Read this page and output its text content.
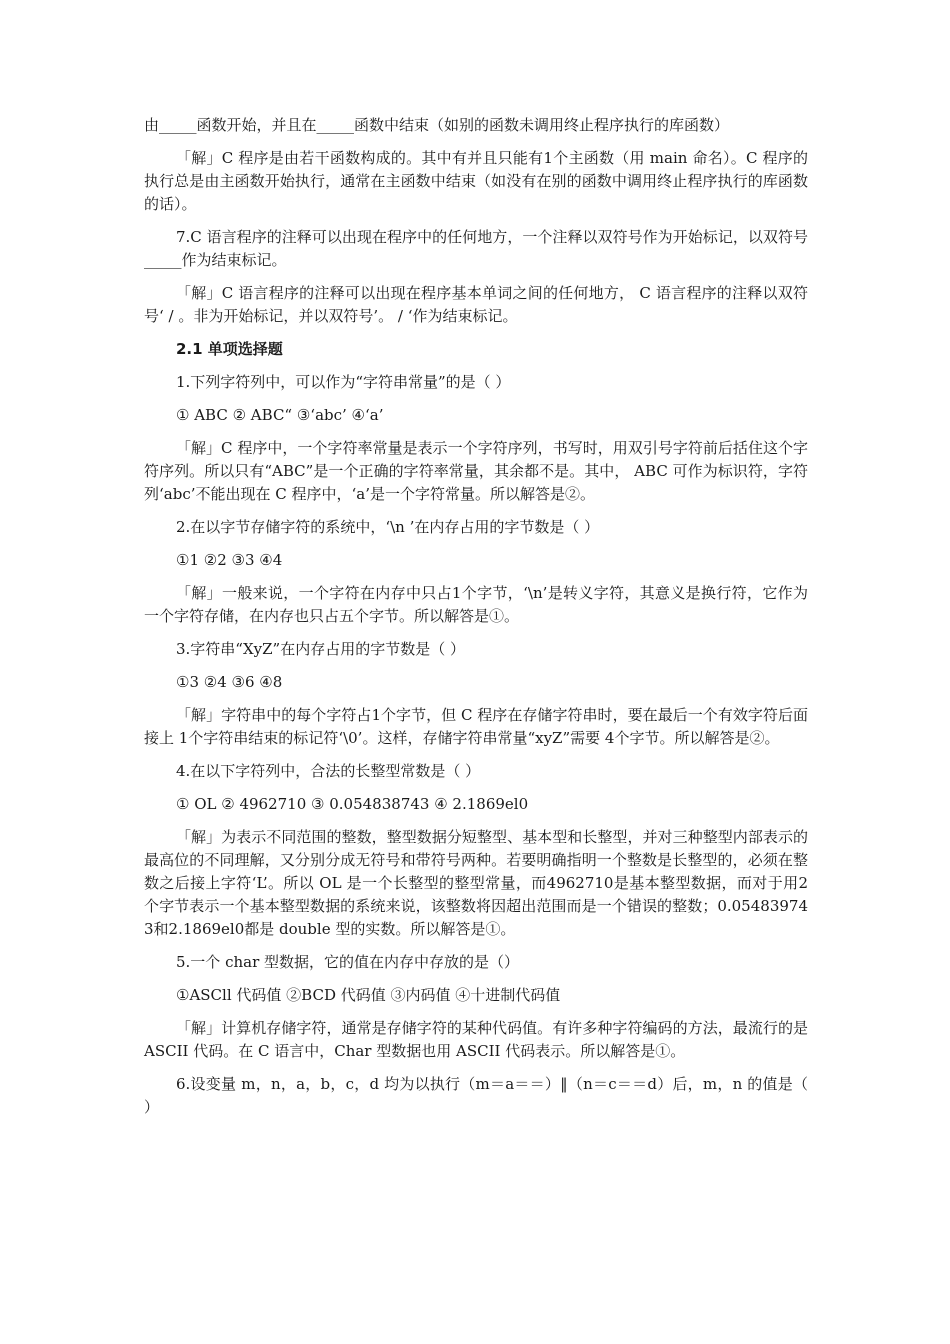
由_____函数开始，并且在_____函数中结束（如别的函数未调用终止程序执行的库函数）

「解」C 程序是由若干函数构成的。其中有并且只能有1个主函数（用 main 命名）。C 程序的执行总是由主函数开始执行，通常在主函数中结束（如没有在别的函数中调用终止程序执行的库函数的话）。

7.C 语言程序的注释可以出现在程序中的任何地方，一个注释以双符号作为开始标记，以双符号_____作为结束标记。

「解」C 语言程序的注释可以出现在程序基本单词之间的任何地方， C 语言程序的注释以双符号‘ / 。非为开始标记，并以双符号’。 / ‘作为结束标记。

2.1 单项选择题

1.下列字符列中，可以作为“字符串常量”的是（ ）

① ABC ② ABC“ ③‘abc’ ④‘a’

「解」C 程序中，一个字符率常量是表示一个字符序列，书写时，用双引号字符前后括住这个字符序列。所以只有“ABC”是一个正确的字符率常量，其余都不是。其中， ABC 可作为标识符，字符列‘abc’不能出现在 C 程序中，‘a’是一个字符常量。所以解答是②。

2.在以字节存储字符的系统中，‘\n ’在内存占用的字节数是（ ）

①1 ②2 ③3 ④4

「解」一般来说，一个字符在内存中只占1个字节，‘\n’是转义字符，其意义是换行符，它作为一个字符存储，在内存也只占五个字节。所以解答是①。

3.字符串“XyZ”在内存占用的字节数是（ ）

①3 ②4 ③6 ④8

「解」字符串中的每个字符占1个字节，但 C 程序在存储字符串时，要在最后一个有效字符后面接上 1个字符串结束的标记符‘\0’。这样，存储字符串常量“xyZ”需要 4个字节。所以解答是②。

4.在以下字符列中，合法的长整型常数是（ ）

① OL ② 4962710 ③ 0.054838743 ④ 2.1869el0

「解」为表示不同范围的整数，整型数据分短整型、基本型和长整型，并对三种整型内部表示的最高位的不同理解，又分别分成无符号和带符号两种。若要明确指明一个整数是长整型的，必须在整数之后接上字符‘L’。所以 OL 是一个长整型的整型常量，而4962710是基本整型数据，而对于用2个字节表示一个基本整型数据的系统来说，该整数将因超出范围而是一个错误的整数；0.054839743和2.1869el0都是 double 型的实数。所以解答是①。

5.一个 char 型数据，它的值在内存中存放的是（）

①ASCll 代码值 ②BCD 代码值 ③内码值 ④十进制代码值

「解」计算机存储字符，通常是存储字符的某种代码值。有许多种字符编码的方法，最流行的是 ASCII 代码。在 C 语言中，Char 型数据也用 ASCII 代码表示。所以解答是①。

6.设变量 m，n，a，b，c，d 均为以执行（m＝a＝＝）‖（n＝c＝＝d）后，m，n 的值是（ ）
